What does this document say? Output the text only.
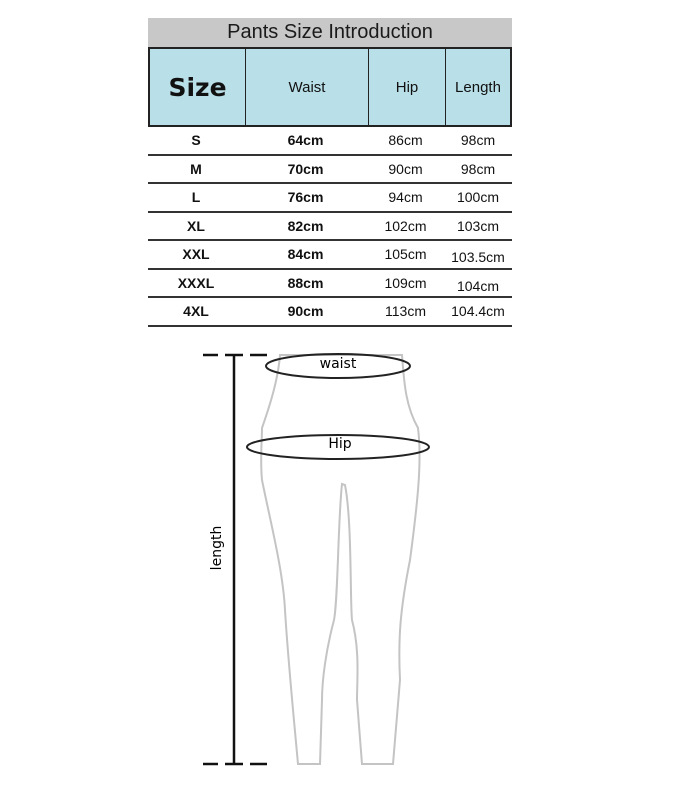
Pants Size Introduction
Size	Waist	Hip	Length
S	64cm	86cm	98cm
M	70cm	90cm	98cm
L	76cm	94cm	100cm
XL	82cm	102cm	103cm
XXL	84cm	105cm	103.5cm
XXXL	88cm	109cm	104cm
4XL	90cm	113cm	104.4cm
waist
Hip
length
